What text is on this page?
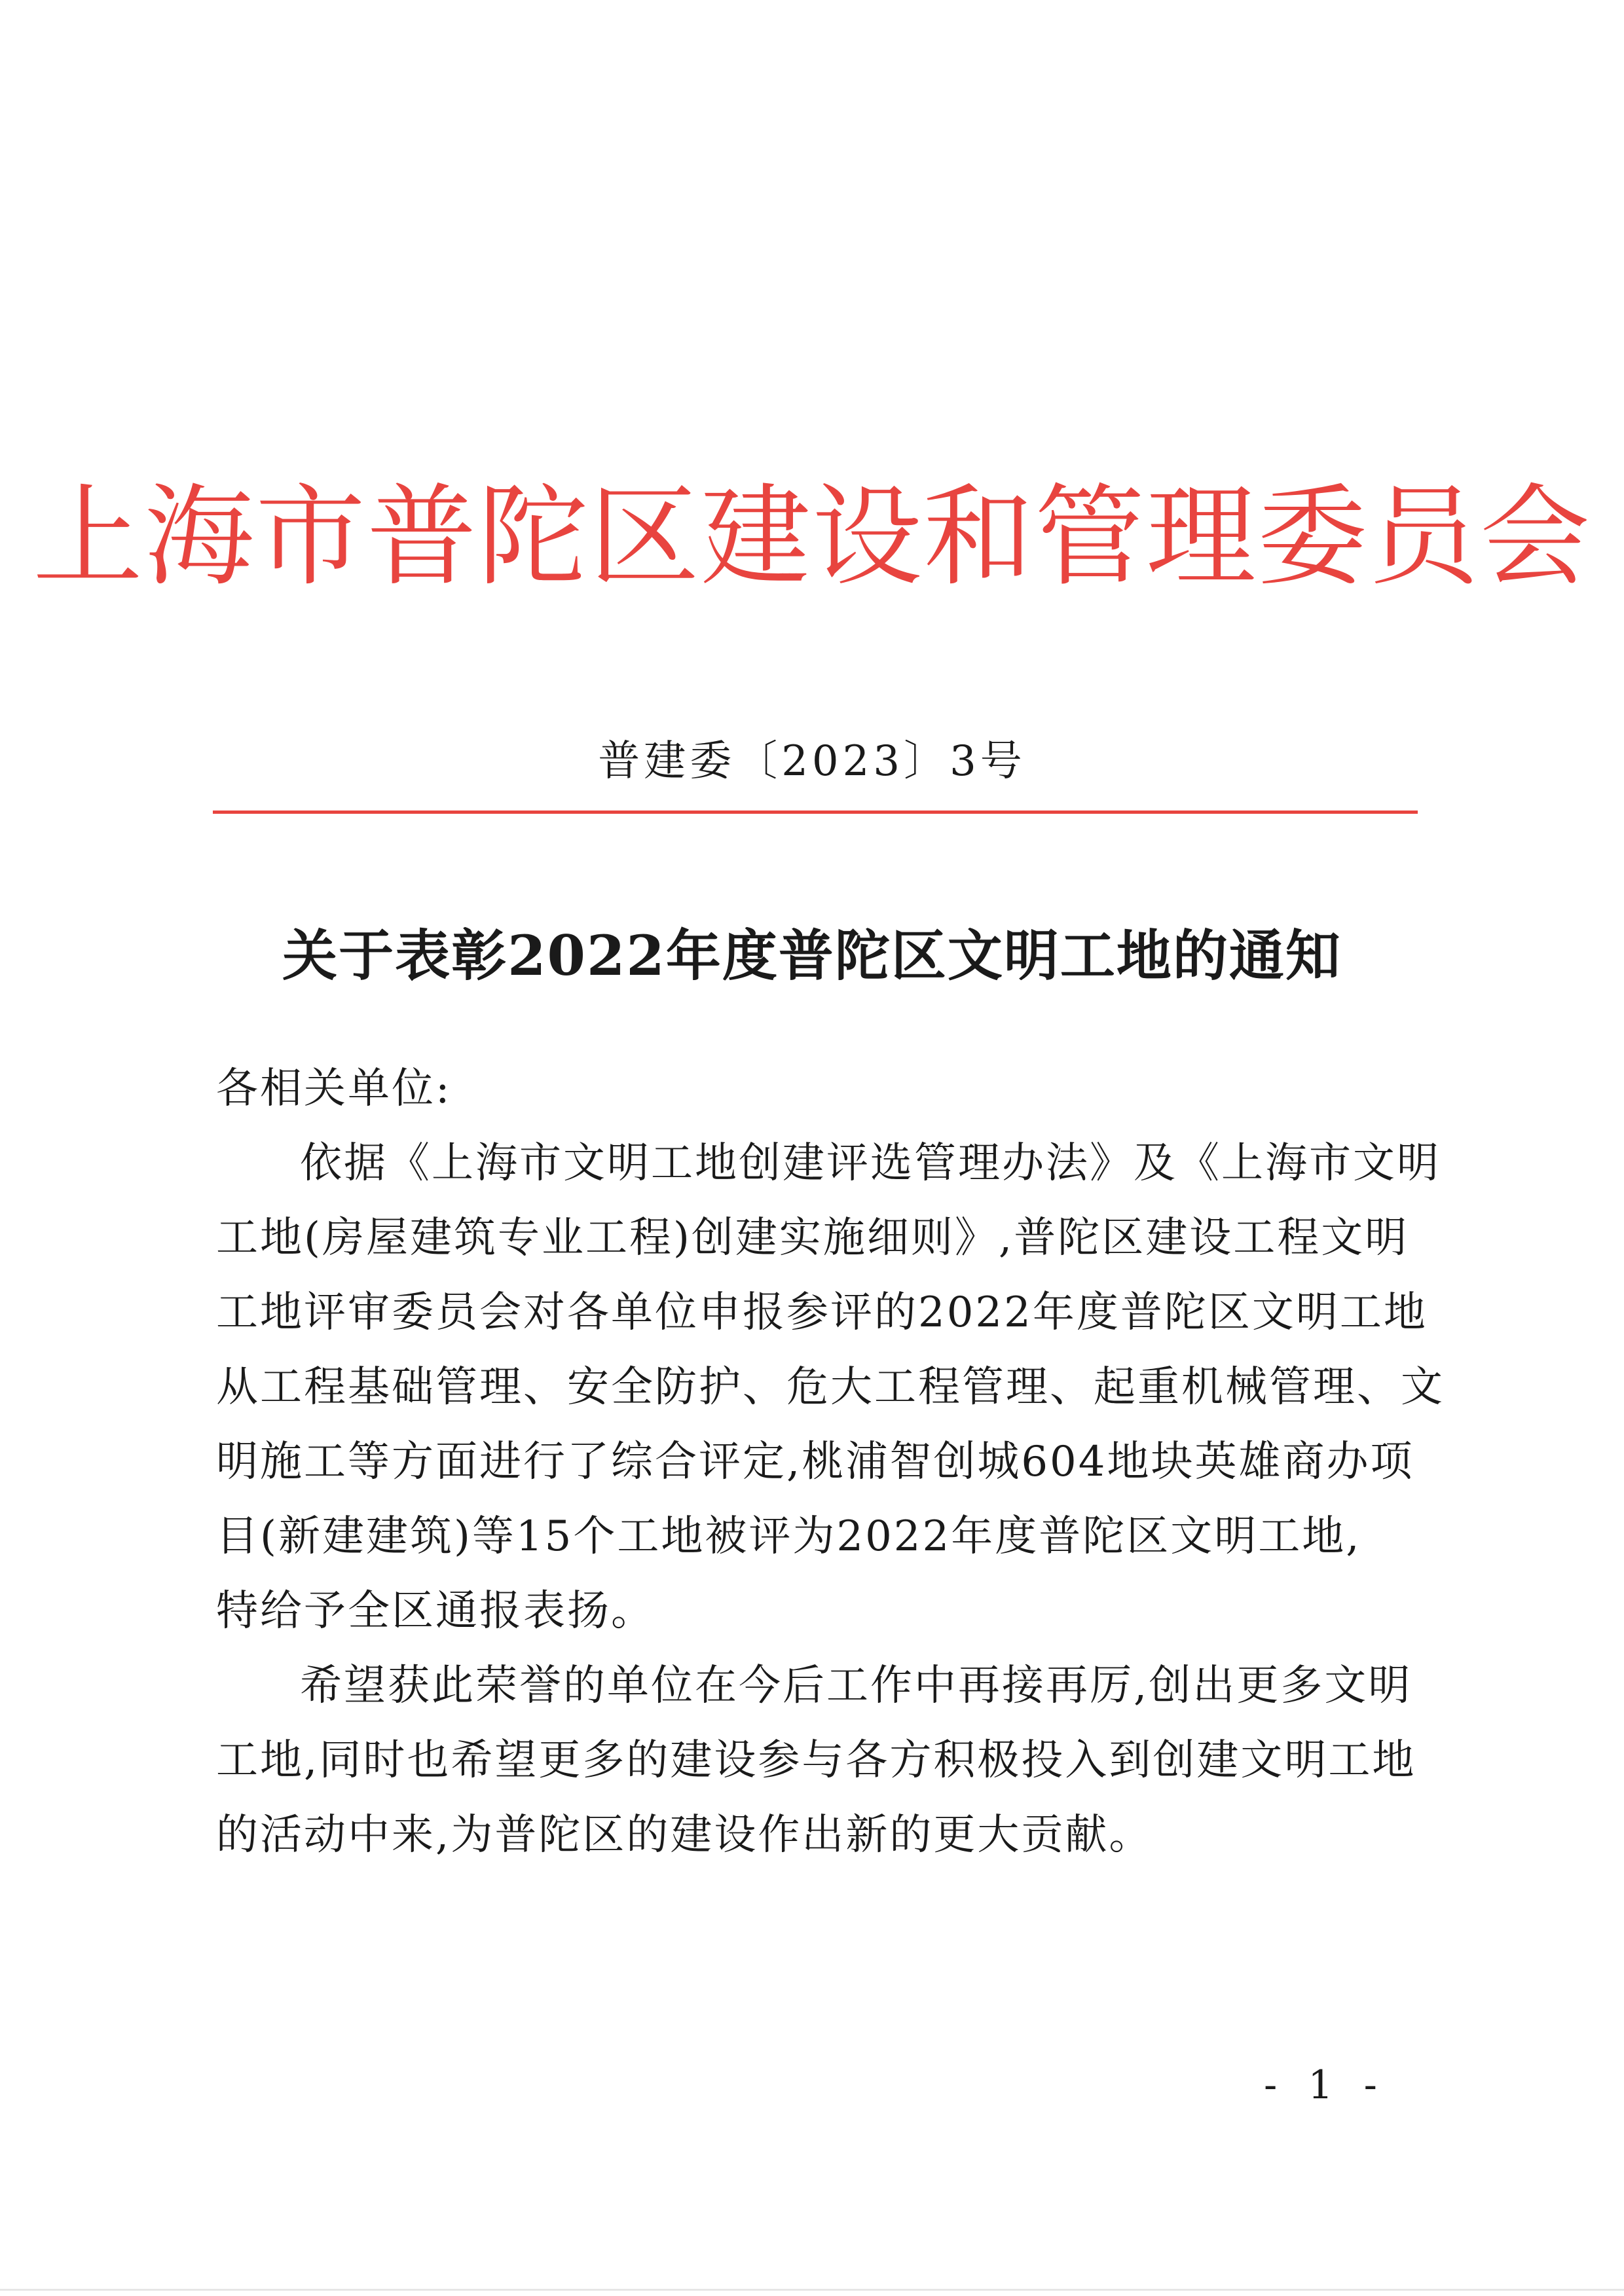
上海市普陀区建设和管理委员会
普建委〔2023〕3号
关于表彰2022年度普陀区文明工地的通知
各相关单位:
依据《上海市文明工地创建评选管理办法》及《上海市文明
工地(房屋建筑专业工程)创建实施细则》,普陀区建设工程文明
工地评审委员会对各单位申报参评的2022年度普陀区文明工地
从工程基础管理、安全防护、危大工程管理、起重机械管理、文
明施工等方面进行了综合评定,桃浦智创城604地块英雄商办项
目(新建建筑)等15个工地被评为2022年度普陀区文明工地,
特给予全区通报表扬。
希望获此荣誉的单位在今后工作中再接再厉,创出更多文明
工地,同时也希望更多的建设参与各方积极投入到创建文明工地
的活动中来,为普陀区的建设作出新的更大贡献。
- 1 -
